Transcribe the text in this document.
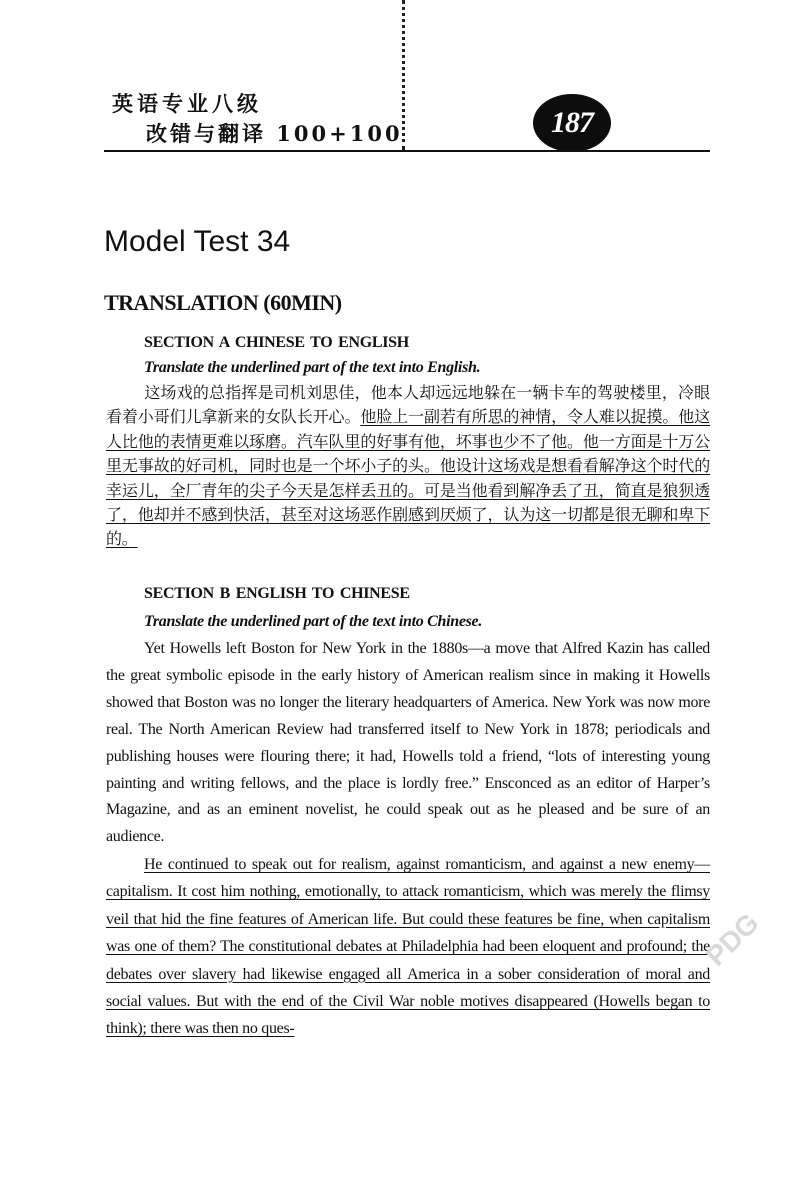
英语专业八级
改错与翻译 100+100	187
Model Test 34
TRANSLATION (60MIN)
SECTION A CHINESE TO ENGLISH

Translate the underlined part of the text into English.

这场戏的总指挥是司机刘思佳，他本人却远远地躲在一辆卡车的驾驶楼里，冷眼看着小哥们儿拿新来的女队长开心。他脸上一副若有所思的神情，令人难以捉摸。他这人比他的表情更难以琢磨。汽车队里的好事有他，坏事也少不了他。他一方面是十万公里无事故的好司机，同时也是一个坏小子的头。他设计这场戏是想看看解净这个时代的幸运儿，全厂青年的尖子今天是怎样丢丑的。可是当他看到解净丢了丑，简直是狼狈透了，他却并不感到快活，甚至对这场恶作剧感到厌烦了，认为这一切都是很无聊和卑下的。
SECTION B ENGLISH TO CHINESE

Translate the underlined part of the text into Chinese.

Yet Howells left Boston for New York in the 1880s—a move that Alfred Kazin has called the great symbolic episode in the early history of American realism since in making it Howells showed that Boston was no longer the literary headquarters of America. New York was now more real. The North American Review had transferred itself to New York in 1878; periodicals and publishing houses were flouring there; it had, Howells told a friend, “lots of interesting young painting and writing fellows, and the place is lordly free.” Ensconced as an editor of Harper’s Magazine, and as an eminent novelist, he could speak out as he pleased and be sure of an audience.

He continued to speak out for realism, against romanticism, and against a new enemy—capitalism. It cost him nothing, emotionally, to attack romanticism, which was merely the flimsy veil that hid the fine features of American life. But could these features be fine, when capitalism was one of them? The constitutional debates at Philadelphia had been eloquent and profound; the debates over slavery had likewise engaged all America in a sober consideration of moral and social values. But with the end of the Civil War noble motives disappeared (Howells began to think); there was then no ques-

PDG
